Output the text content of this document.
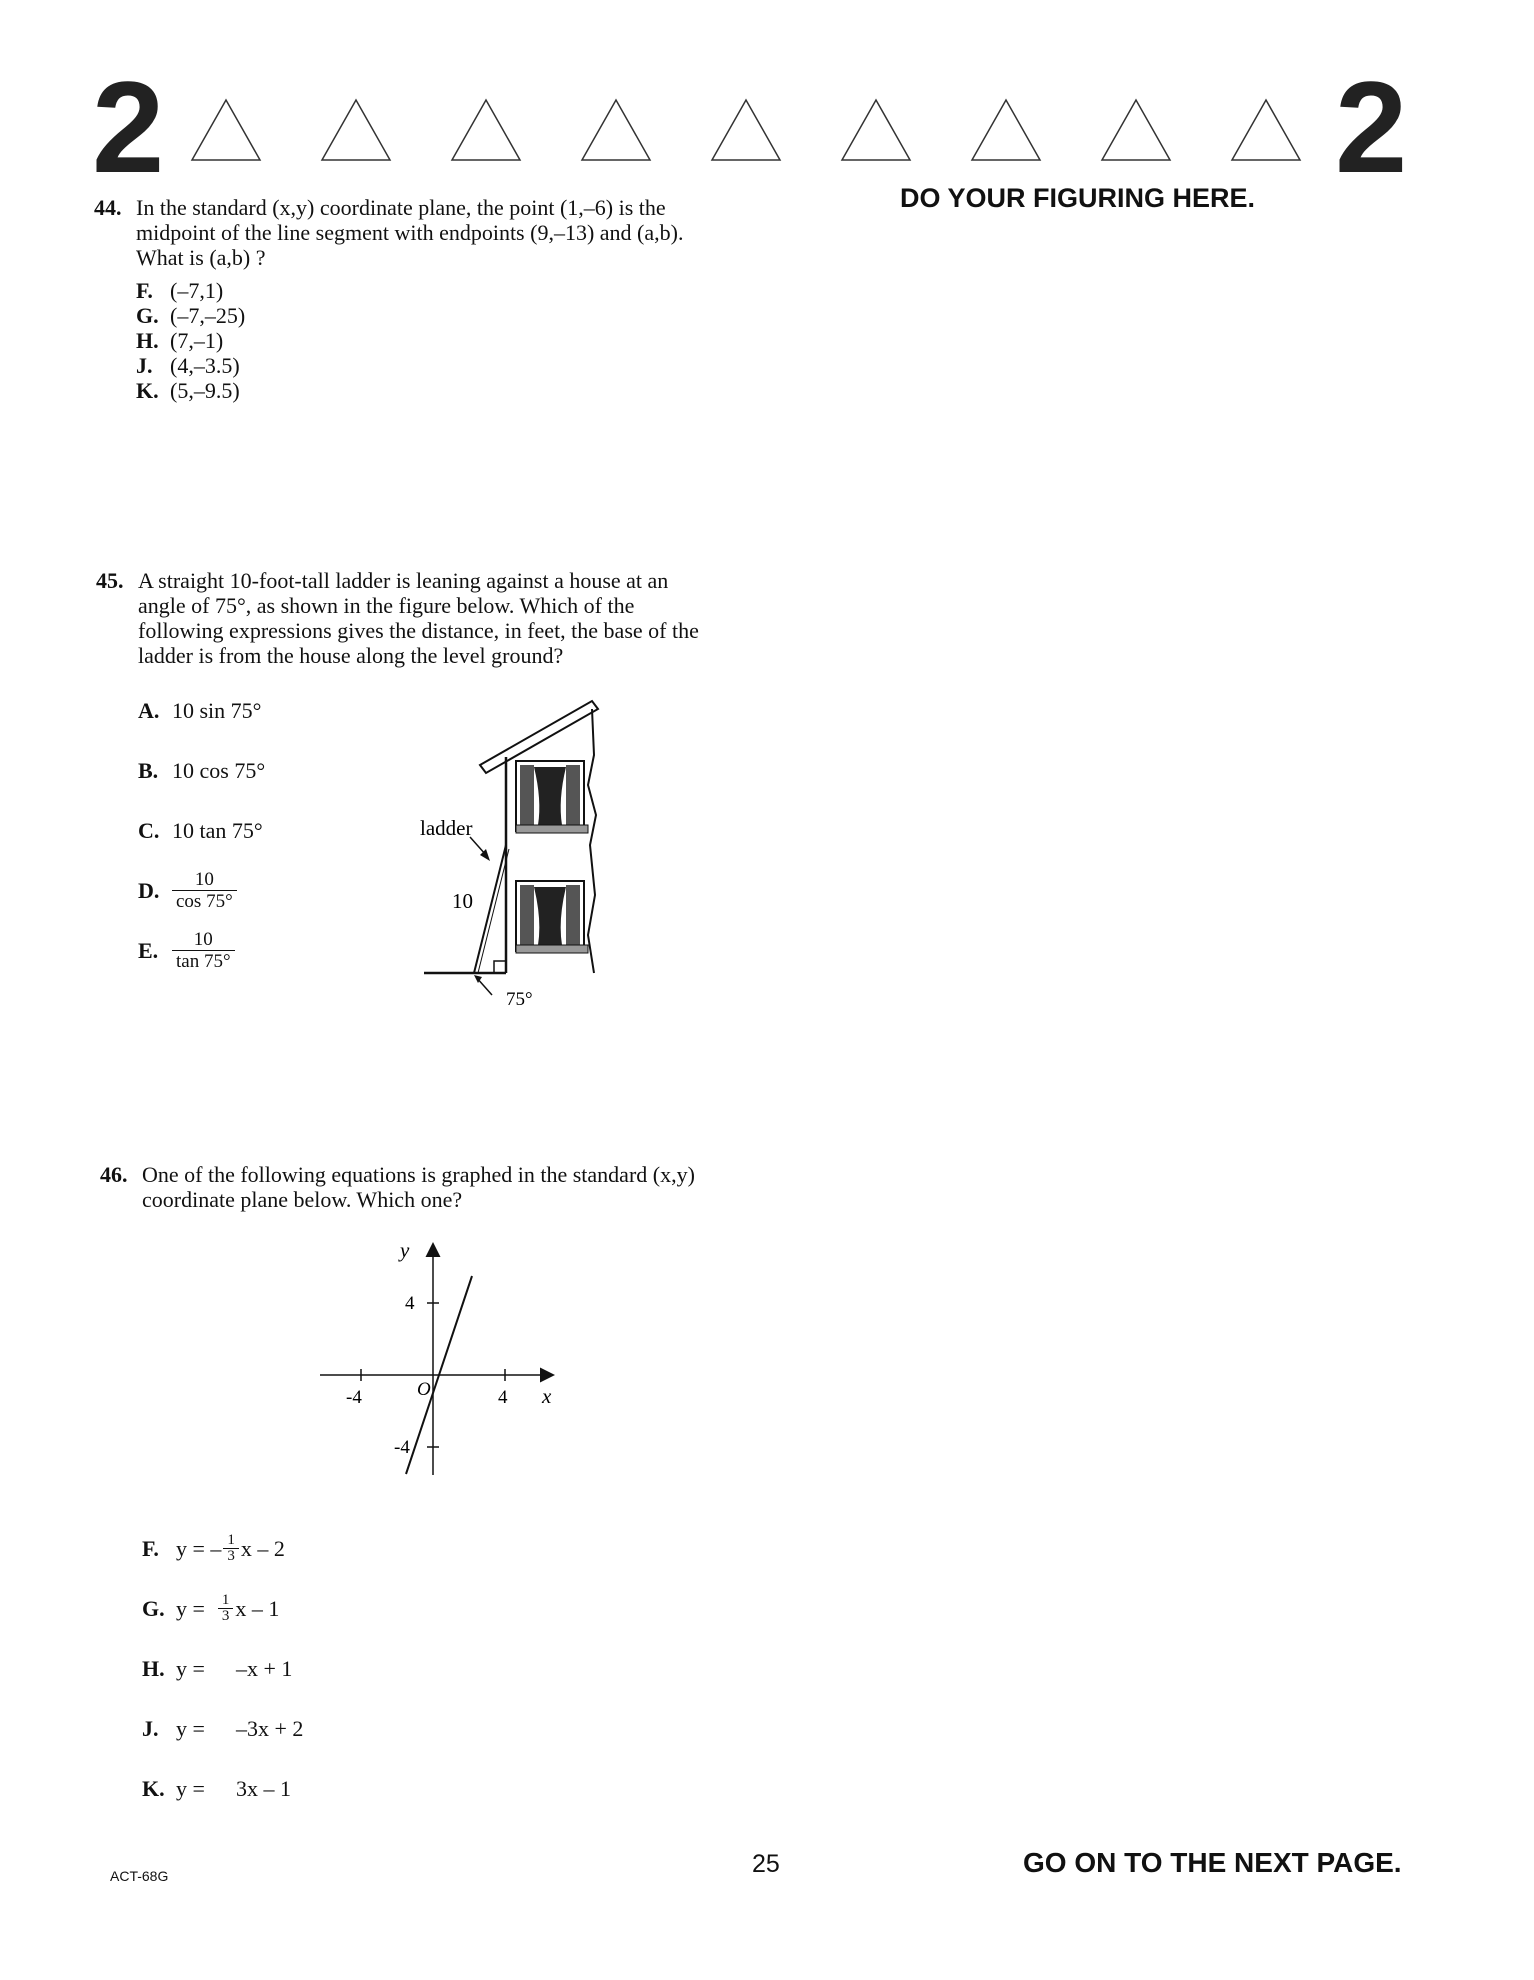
2	2
DO YOUR FIGURING HERE.
44. In the standard (x,y) coordinate plane, the point (1,–6) is the midpoint of the line segment with endpoints (9,–13) and (a,b). What is (a,b) ?
F. (–7,1)
G. (–7,–25)
H. (7,–1)
J. (4,–3.5)
K. (5,–9.5)
45. A straight 10-foot-tall ladder is leaning against a house at an angle of 75°, as shown in the figure below. Which of the following expressions gives the distance, in feet, the base of the ladder is from the house along the level ground?
A. 10 sin 75°
B. 10 cos 75°
C. 10 tan 75°
D. $\frac{10}{\cos 75^\circ}$
E. $\frac{10}{\tan 75^\circ}$
ladder
10
75°
46. One of the following equations is graphed in the standard (x,y) coordinate plane below. Which one?
y
x
O
-4	4
4
-4
F. y = – $\frac{1}{3}$ x – 2
G. $y = \frac{1}{3}$ x – 1
H. y =	–x + 1
J. y =	–3x + 2
K. y =	3x – 1
ACT-68G	25	GO ON TO THE NEXT PAGE.
